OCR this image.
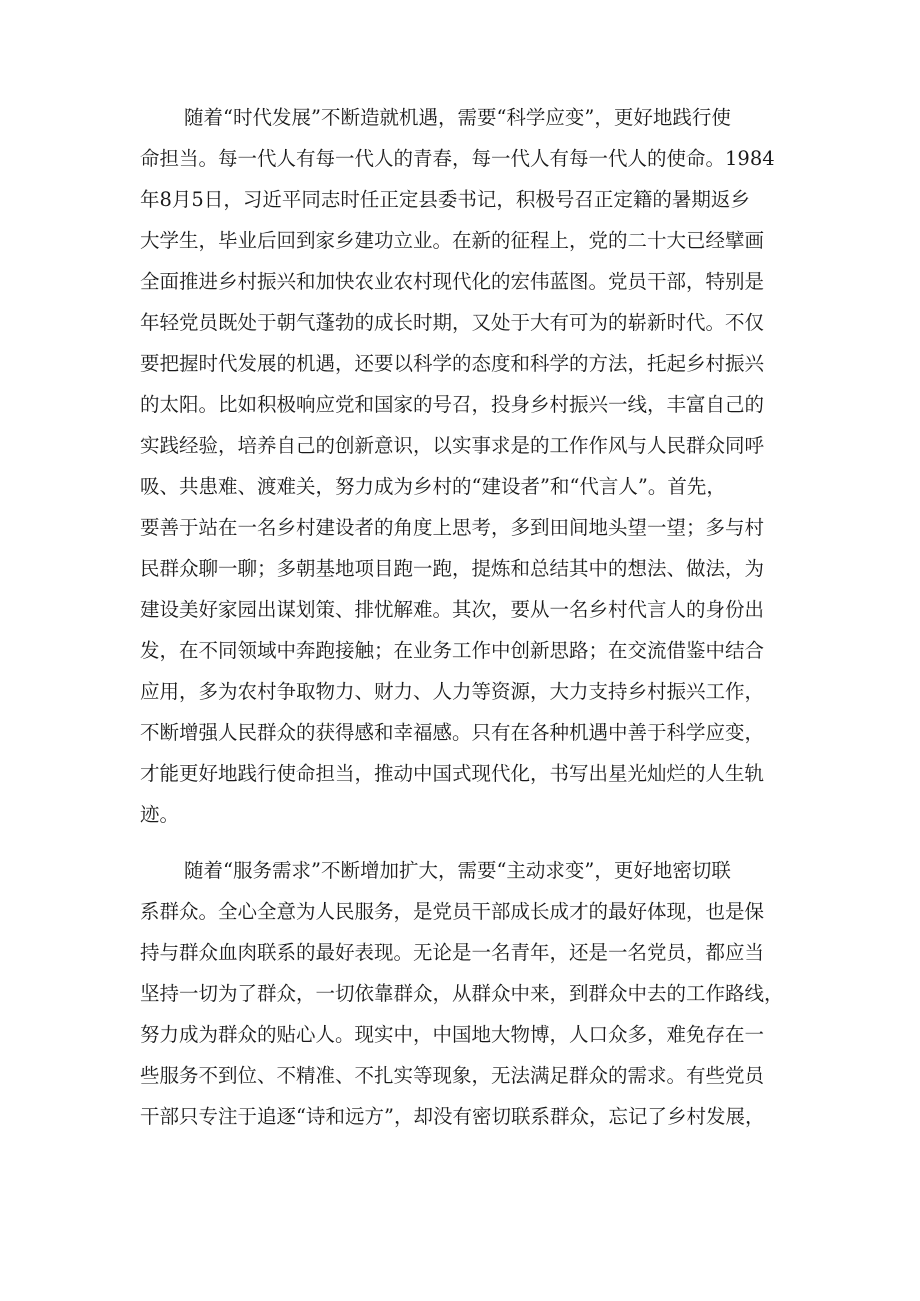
随着“时代发展”不断造就机遇，需要“科学应变”，更好地践行使
命担当。每一代人有每一代人的青春，每一代人有每一代人的使命。1984
年8月5日，习近平同志时任正定县委书记，积极号召正定籍的暑期返乡
大学生，毕业后回到家乡建功立业。在新的征程上，党的二十大已经擘画
全面推进乡村振兴和加快农业农村现代化的宏伟蓝图。党员干部，特别是
年轻党员既处于朝气蓬勃的成长时期，又处于大有可为的崭新时代。不仅
要把握时代发展的机遇，还要以科学的态度和科学的方法，托起乡村振兴
的太阳。比如积极响应党和国家的号召，投身乡村振兴一线，丰富自己的
实践经验，培养自己的创新意识，以实事求是的工作作风与人民群众同呼
吸、共患难、渡难关，努力成为乡村的“建设者”和“代言人”。首先，
要善于站在一名乡村建设者的角度上思考，多到田间地头望一望；多与村
民群众聊一聊；多朝基地项目跑一跑，提炼和总结其中的想法、做法，为
建设美好家园出谋划策、排忧解难。其次，要从一名乡村代言人的身份出
发，在不同领域中奔跑接触；在业务工作中创新思路；在交流借鉴中结合
应用，多为农村争取物力、财力、人力等资源，大力支持乡村振兴工作，
不断增强人民群众的获得感和幸福感。只有在各种机遇中善于科学应变，
才能更好地践行使命担当，推动中国式现代化，书写出星光灿烂的人生轨
迹。
随着“服务需求”不断增加扩大，需要“主动求变”，更好地密切联
系群众。全心全意为人民服务，是党员干部成长成才的最好体现，也是保
持与群众血肉联系的最好表现。无论是一名青年，还是一名党员，都应当
坚持一切为了群众，一切依靠群众，从群众中来，到群众中去的工作路线，
努力成为群众的贴心人。现实中，中国地大物博，人口众多，难免存在一
些服务不到位、不精准、不扎实等现象，无法满足群众的需求。有些党员
干部只专注于追逐“诗和远方”，却没有密切联系群众，忘记了乡村发展，
